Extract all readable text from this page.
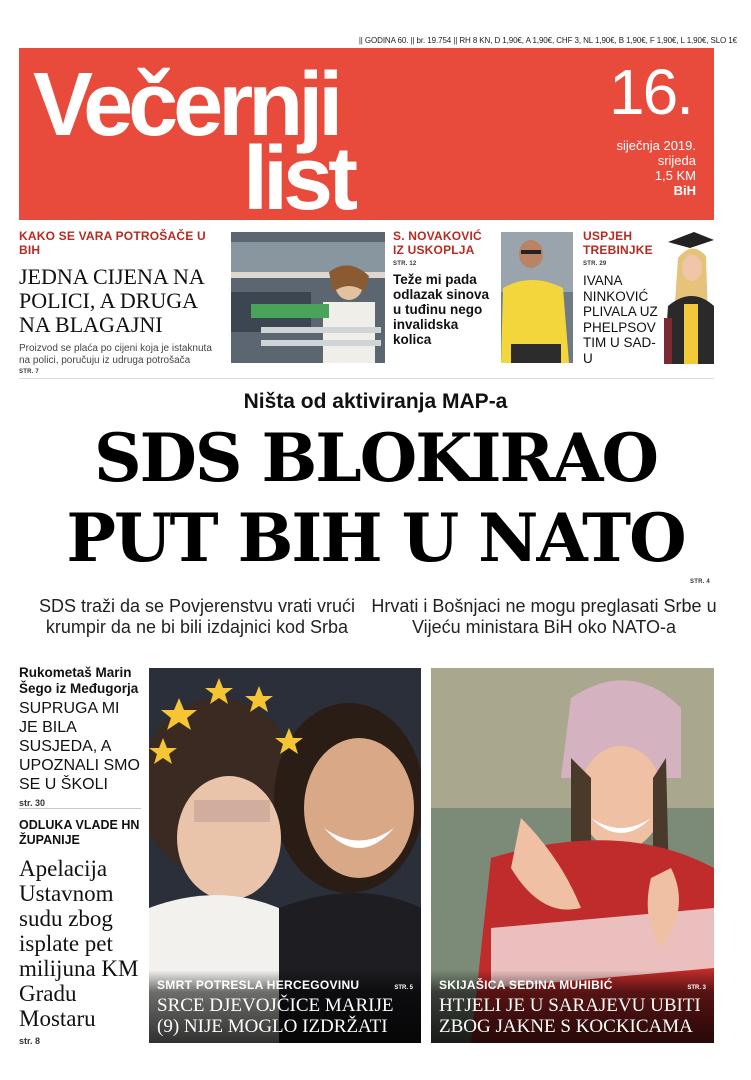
|| GODINA 60. || br. 19.754 || RH 8 KN, D 1,90€, A 1,90€, CHF 3, NL 1,90€, B 1,90€, F 1,90€, L 1,90€, SLO 1€
Večernji
list
16.
siječnja 2019.
srijeda
1,5 KM
BiH
KAKO SE VARA POTROŠAČE U BIH
JEDNA CIJENA NA POLICI, A DRUGA NA BLAGAJNI
Proizvod se plaća po cijeni koja je istaknuta na polici, poručuju iz udruga potrošača
STR. 7
S. NOVAKOVIĆ IZ USKOPLJA
STR. 12
Teže mi pada odlazak sinova u tuđinu nego invalidska kolica
USPJEH TREBINJKE
STR. 29
IVANA NINKOVIĆ PLIVALA UZ PHELPSOV TIM U SAD-U
Ništa od aktiviranja MAP-a
SDS BLOKIRAO
PUT BIH U NATO
STR. 4
SDS traži da se Povjerenstvu vrati vrući krumpir da ne bi bili izdajnici kod Srba
Hrvati i Bošnjaci ne mogu preglasati Srbe u Vijeću ministara BiH oko NATO-a
Rukometaš Marin Šego iz Međugorja
SUPRUGA MI JE BILA SUSJEDA, A UPOZNALI SMO SE U ŠKOLI
str. 30
ODLUKA VLADE HN ŽUPANIJE
Apelacija Ustavnom sudu zbog isplate pet milijuna KM Gradu Mostaru
str. 8
SMRT POTRESLA HERCEGOVINU	STR. 5
SRCE DJEVOJČICE MARIJE (9) NIJE MOGLO IZDRŽATI
SKIJAŠICA SEDINA MUHIBIĆ	STR. 3
HTJELI JE U SARAJEVU UBITI ZBOG JAKNE S KOCKICAMA
